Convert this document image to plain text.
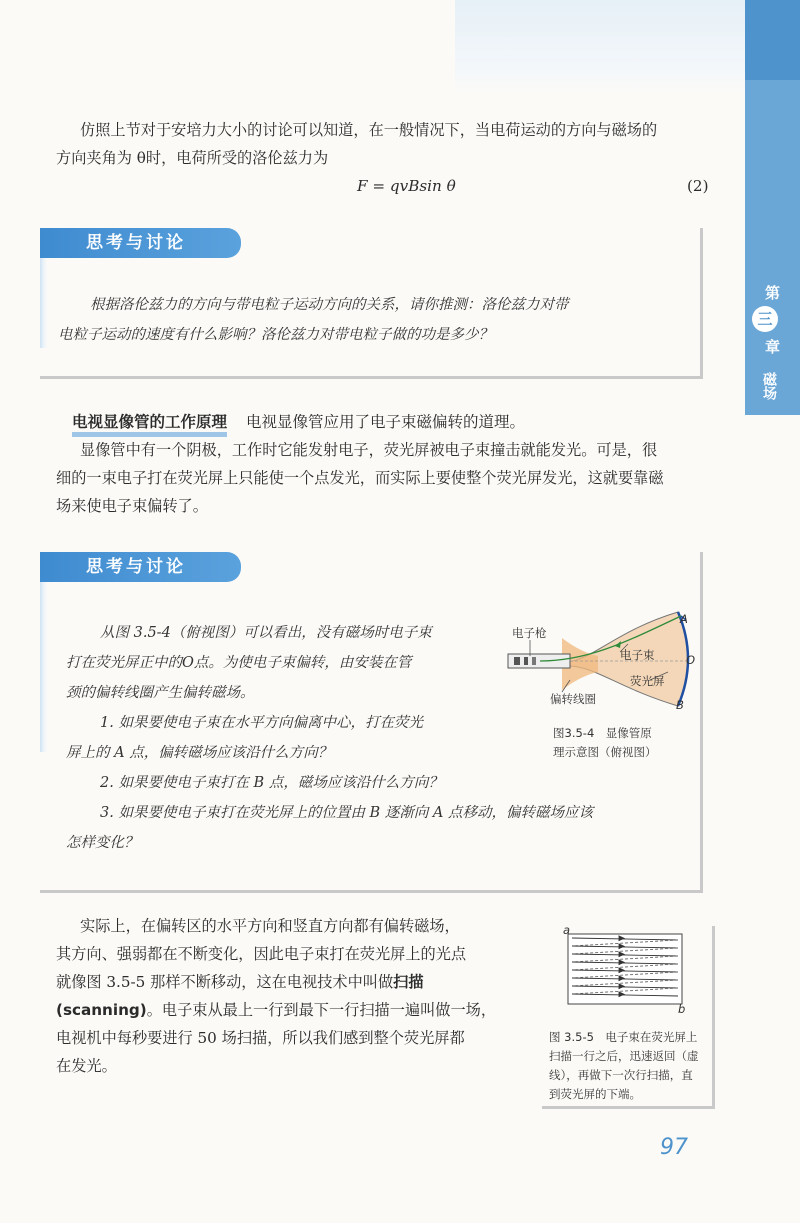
第
三
章
磁场

仿照上节对于安培力大小的讨论可以知道，在一般情况下，当电荷运动的方向与磁场的

方向夹角为 θ时，电荷所受的洛伦兹力为

F = qvBsin θ	(2)
思考与讨论
根据洛伦兹力的方向与带电粒子运动方向的关系，请你推测：洛伦兹力对带
电粒子运动的速度有什么影响？洛伦兹力对带电粒子做的功是多少？
电视显像管的工作原理 电视显像管应用了电子束磁偏转的道理。

显像管中有一个阴极，工作时它能发射电子，荧光屏被电子束撞击就能发光。可是，很

细的一束电子打在荧光屏上只能使一个点发光，而实际上要使整个荧光屏发光，这就要靠磁

场来使电子束偏转了。

思考与讨论
从图 3.5-4（俯视图）可以看出，没有磁场时电子束
打在荧光屏正中的O点。为使电子束偏转，由安装在管
颈的偏转线圈产生偏转磁场。
1. 如果要使电子束在水平方向偏离中心，打在荧光
屏上的 A 点，偏转磁场应该沿什么方向？
2. 如果要使电子束打在 B 点，磁场应该沿什么方向？
3. 如果要使电子束打在荧光屏上的位置由 B 逐渐向 A 点移动，偏转磁场应该
怎样变化？
电子枪
电子束
荧光屏
偏转线圈
A
O
B
图3.5-4　显像管原
理示意图（俯视图）

实际上，在偏转区的水平方向和竖直方向都有偏转磁场，

其方向、强弱都在不断变化，因此电子束打在荧光屏上的光点

就像图 3.5-5 那样不断移动，这在电视技术中叫做扫描

(scanning)。电子束从最上一行到最下一行扫描一遍叫做一场，

电视机中每秒要进行 50 场扫描，所以我们感到整个荧光屏都

在发光。

a
b
图 3.5-5　电子束在荧光屏上
扫描一行之后，迅速返回（虚
线），再做下一次行扫描，直
到荧光屏的下端。
97
